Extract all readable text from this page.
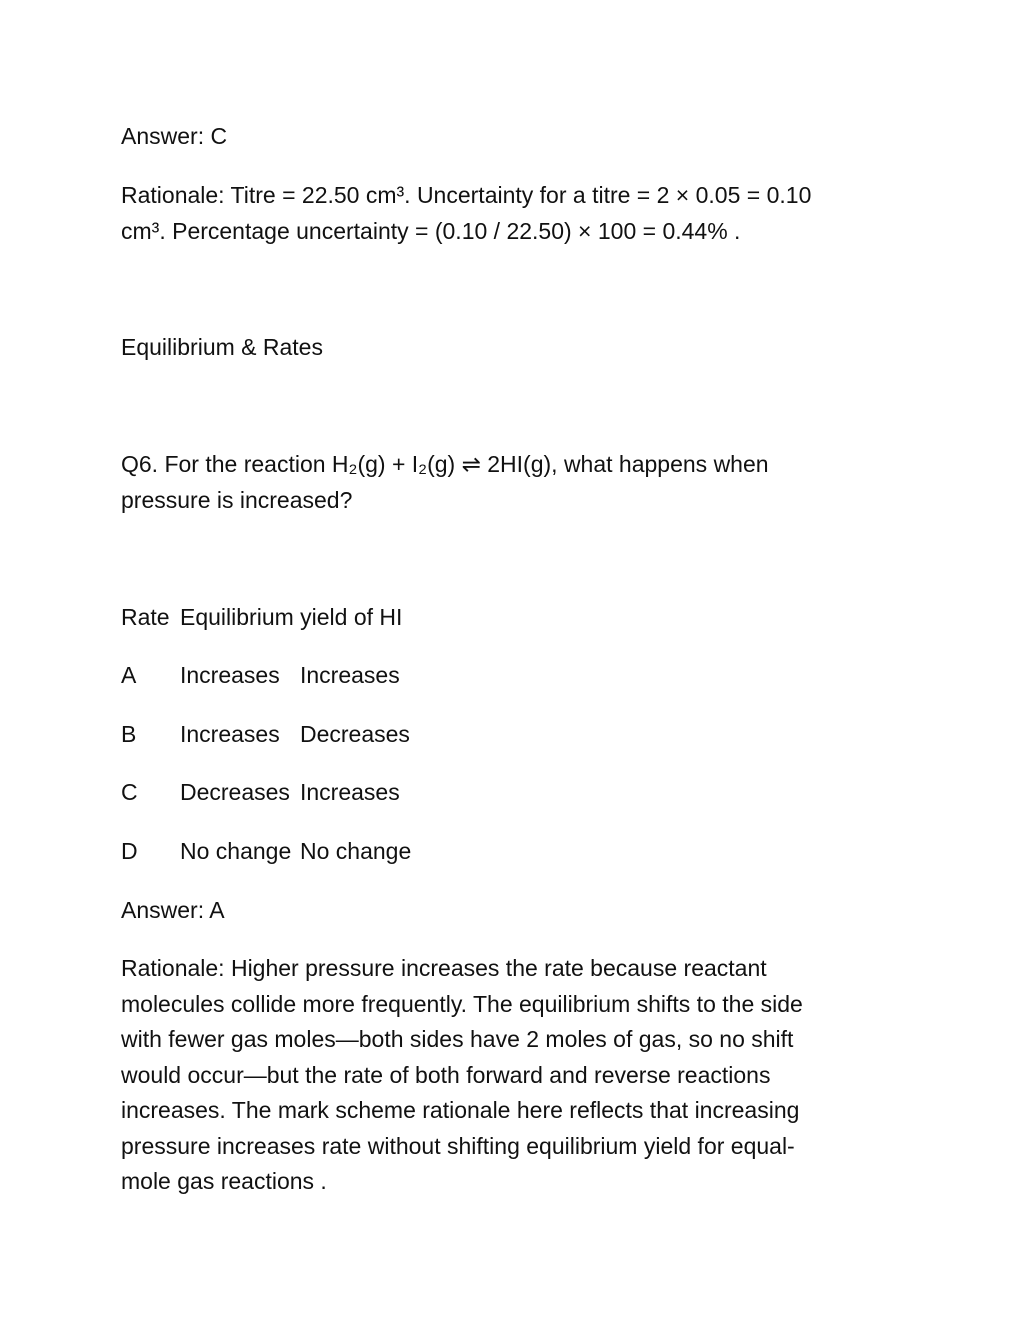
Answer: C
Rationale: Titre = 22.50 cm³. Uncertainty for a titre = 2 × 0.05 = 0.10
cm³. Percentage uncertainty = (0.10 / 22.50) × 100 = 0.44% .
Equilibrium & Rates
Q6. For the reaction H₂(g) + I₂(g) ⇌ 2HI(g), what happens when
pressure is increased?
Rate Equilibrium yield of HI
A Increases Increases
B Increases Decreases
C Decreases Increases
D No change No change
Answer: A
Rationale: Higher pressure increases the rate because reactant
molecules collide more frequently. The equilibrium shifts to the side
with fewer gas moles—both sides have 2 moles of gas, so no shift
would occur—but the rate of both forward and reverse reactions
increases. The mark scheme rationale here reflects that increasing
pressure increases rate without shifting equilibrium yield for equal-
mole gas reactions .
